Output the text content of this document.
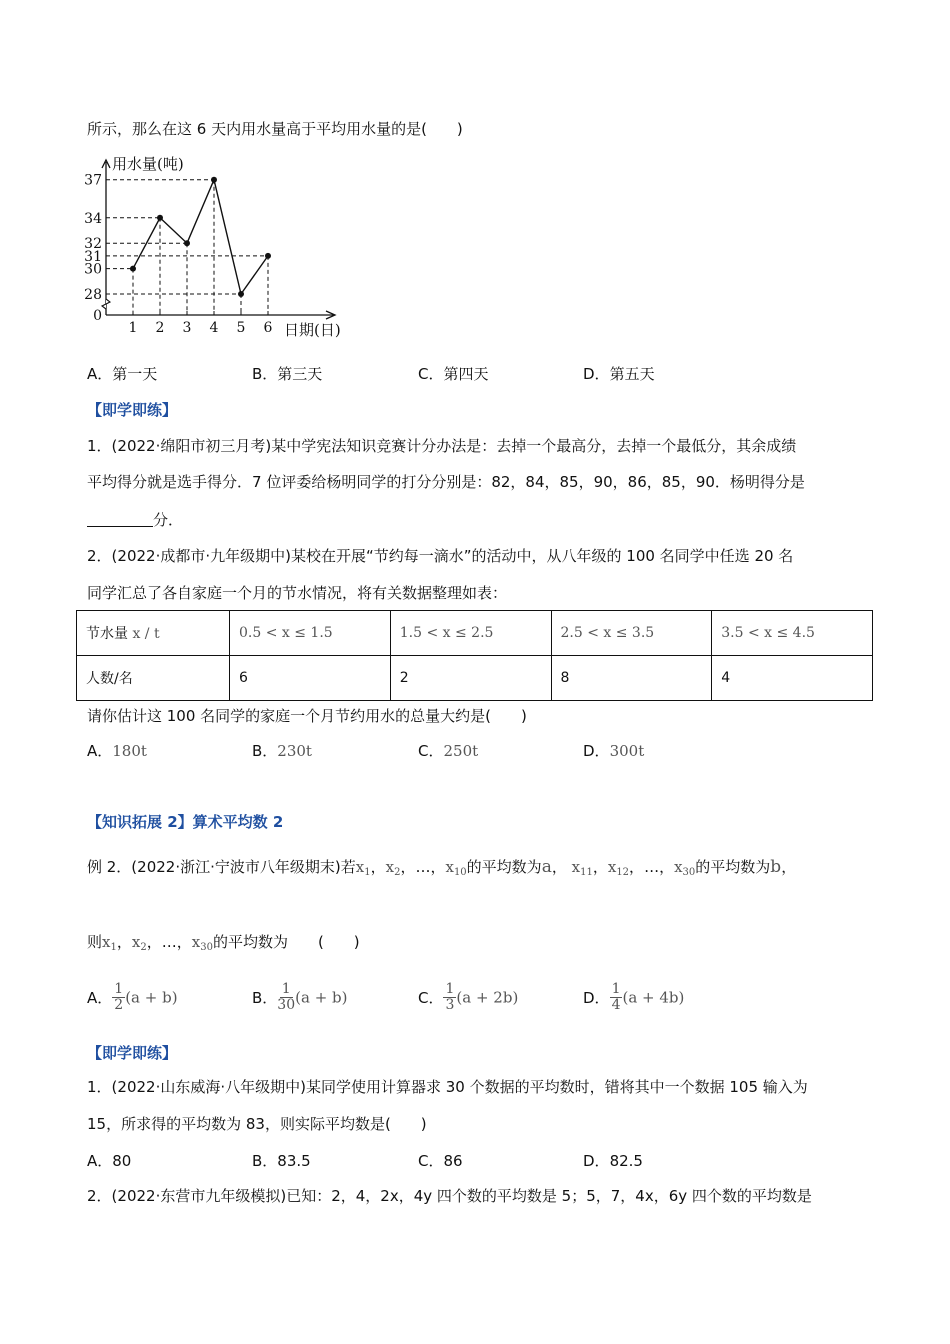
所示，那么在这 6 天内用水量高于平均用水量的是(　　)
用水量(吨)
日期(日)
37
34
32
31
30
28
0
1 2 3 4 5 6
A．第一天	B．第三天	C．第四天	D．第五天
【即学即练】
1．(2022·绵阳市初三月考)某中学宪法知识竞赛计分办法是：去掉一个最高分，去掉一个最低分，其余成绩
平均得分就是选手得分．7 位评委给杨明同学的打分分别是：82，84，85，90，86，85，90．杨明得分是
分．
2．(2022·成都市·九年级期中)某校在开展“节约每一滴水”的活动中，从八年级的 100 名同学中任选 20 名
同学汇总了各自家庭一个月的节水情况，将有关数据整理如表：
节水量 x / t	0.5 < x ≤ 1.5	1.5 < x ≤ 2.5	2.5 < x ≤ 3.5	3.5 < x ≤ 4.5
人数/名	6	2	8	4
请你估计这 100 名同学的家庭一个月节约用水的总量大约是(　　)
A．180t	B．230t	C．250t	D．300t
【知识拓展 2】算术平均数 2
例 2．(2022·浙江·宁波市八年级期末)若$x_1$，$x_2$，…，$x_{10}$的平均数为a， $x_{11}$，$x_{12}$，…，$x_{30}$的平均数为b，
则$x_1$，$x_2$，…，$x_{30}$的平均数为　　(　　)
A． $\frac{1}{2} (a + b)$	B． $\frac{1}{30} (a + b)$	C． $\frac{1}{3} (a + 2b)$	D． $\frac{1}{4} (a + 4b)$
【即学即练】
1．(2022·山东威海·八年级期中)某同学使用计算器求 30 个数据的平均数时，错将其中一个数据 105 输入为
15，所求得的平均数为 83，则实际平均数是(　　)
A．80	B．83.5	C．86	D．82.5
2．(2022·东营市九年级模拟)已知：2，4，2x，4y 四个数的平均数是 5；5，7，4x，6y 四个数的平均数是
